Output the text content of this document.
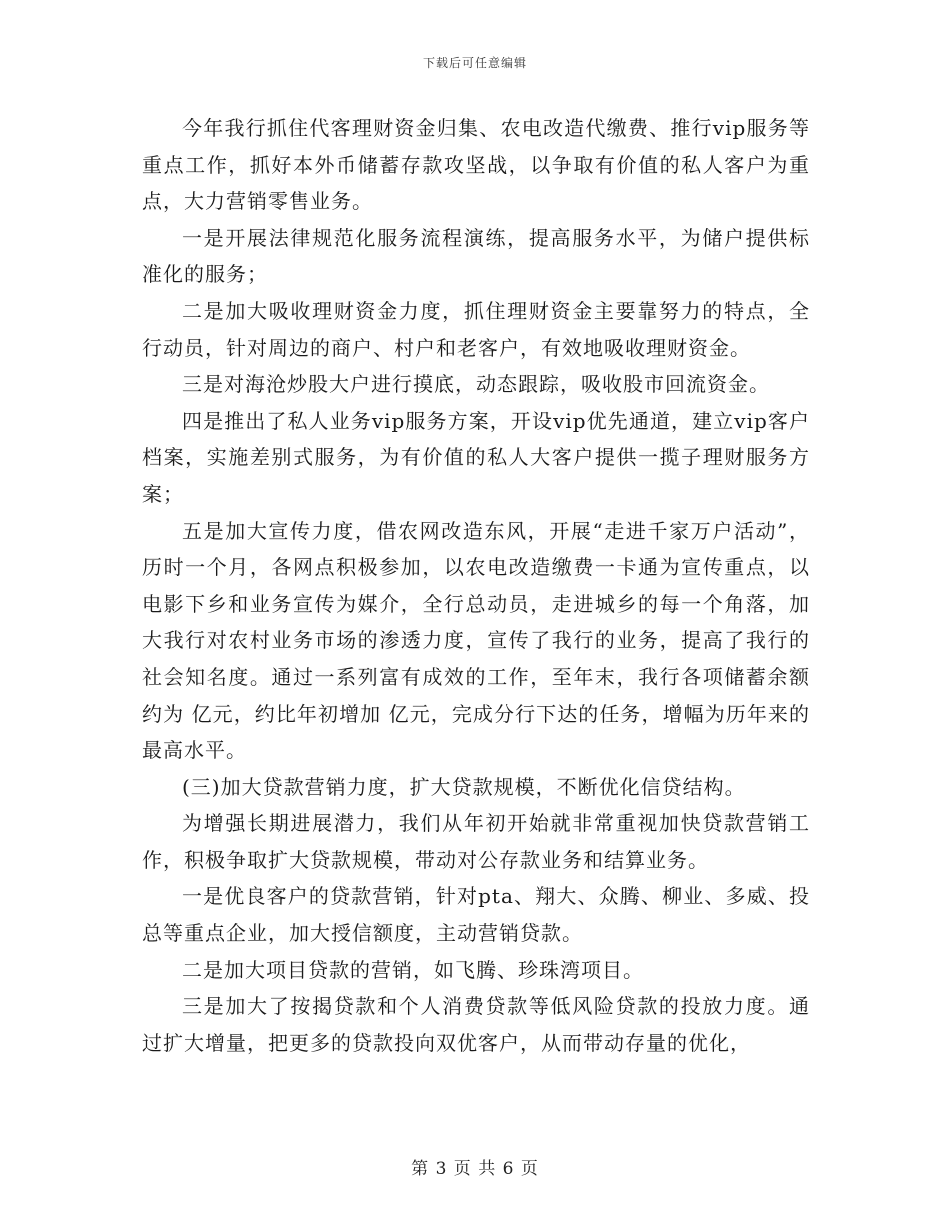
下载后可任意编辑

今年我行抓住代客理财资金归集、农电改造代缴费、推行vip服务等重点工作，抓好本外币储蓄存款攻坚战，以争取有价值的私人客户为重点，大力营销零售业务。

一是开展法律规范化服务流程演练，提高服务水平，为储户提供标准化的服务；

二是加大吸收理财资金力度，抓住理财资金主要靠努力的特点，全行动员，针对周边的商户、村户和老客户，有效地吸收理财资金。

三是对海沧炒股大户进行摸底，动态跟踪，吸收股市回流资金。

四是推出了私人业务vip服务方案，开设vip优先通道，建立vip客户档案，实施差别式服务，为有价值的私人大客户提供一揽子理财服务方案；

五是加大宣传力度，借农网改造东风，开展“走进千家万户活动”，历时一个月，各网点积极参加，以农电改造缴费一卡通为宣传重点，以电影下乡和业务宣传为媒介，全行总动员，走进城乡的每一个角落，加大我行对农村业务市场的渗透力度，宣传了我行的业务，提高了我行的社会知名度。通过一系列富有成效的工作，至年末，我行各项储蓄余额约为 亿元，约比年初增加 亿元，完成分行下达的任务，增幅为历年来的最高水平。

(三)加大贷款营销力度，扩大贷款规模，不断优化信贷结构。

为增强长期进展潜力，我们从年初开始就非常重视加快贷款营销工作，积极争取扩大贷款规模，带动对公存款业务和结算业务。

一是优良客户的贷款营销，针对pta、翔大、众腾、柳业、多威、投总等重点企业，加大授信额度，主动营销贷款。

二是加大项目贷款的营销，如飞腾、珍珠湾项目。

三是加大了按揭贷款和个人消费贷款等低风险贷款的投放力度。通过扩大增量，把更多的贷款投向双优客户，从而带动存量的优化，

第 3 页 共 6 页
